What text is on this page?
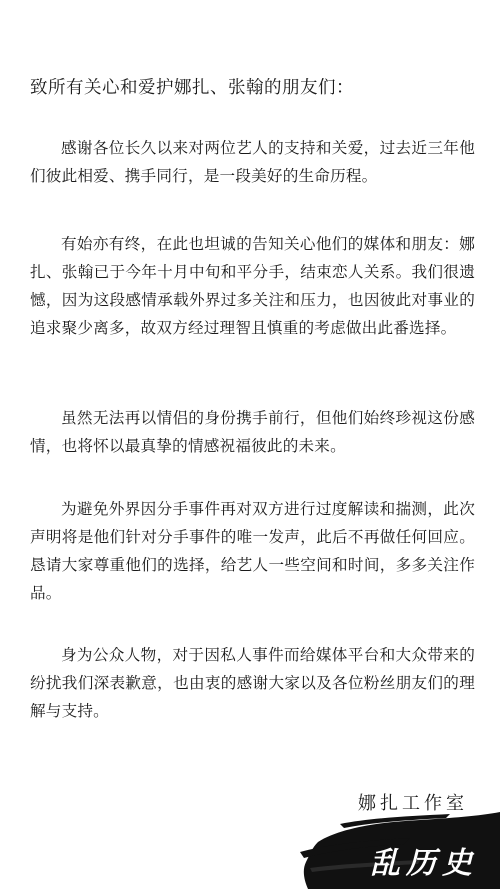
致所有关心和爱护娜扎、张翰的朋友们：
感谢各位长久以来对两位艺人的支持和关爱，过去近三年他们彼此相爱、携手同行，是一段美好的生命历程。
有始亦有终，在此也坦诚的告知关心他们的媒体和朋友：娜扎、张翰已于今年十月中旬和平分手，结束恋人关系。我们很遗憾，因为这段感情承载外界过多关注和压力，也因彼此对事业的追求聚少离多，故双方经过理智且慎重的考虑做出此番选择。
虽然无法再以情侣的身份携手前行，但他们始终珍视这份感情，也将怀以最真挚的情感祝福彼此的未来。
为避免外界因分手事件再对双方进行过度解读和揣测，此次声明将是他们针对分手事件的唯一发声，此后不再做任何回应。恳请大家尊重他们的选择，给艺人一些空间和时间，多多关注作品。
身为公众人物，对于因私人事件而给媒体平台和大众带来的纷扰我们深表歉意，也由衷的感谢大家以及各位粉丝朋友们的理解与支持。
娜扎工作室
乱历史
